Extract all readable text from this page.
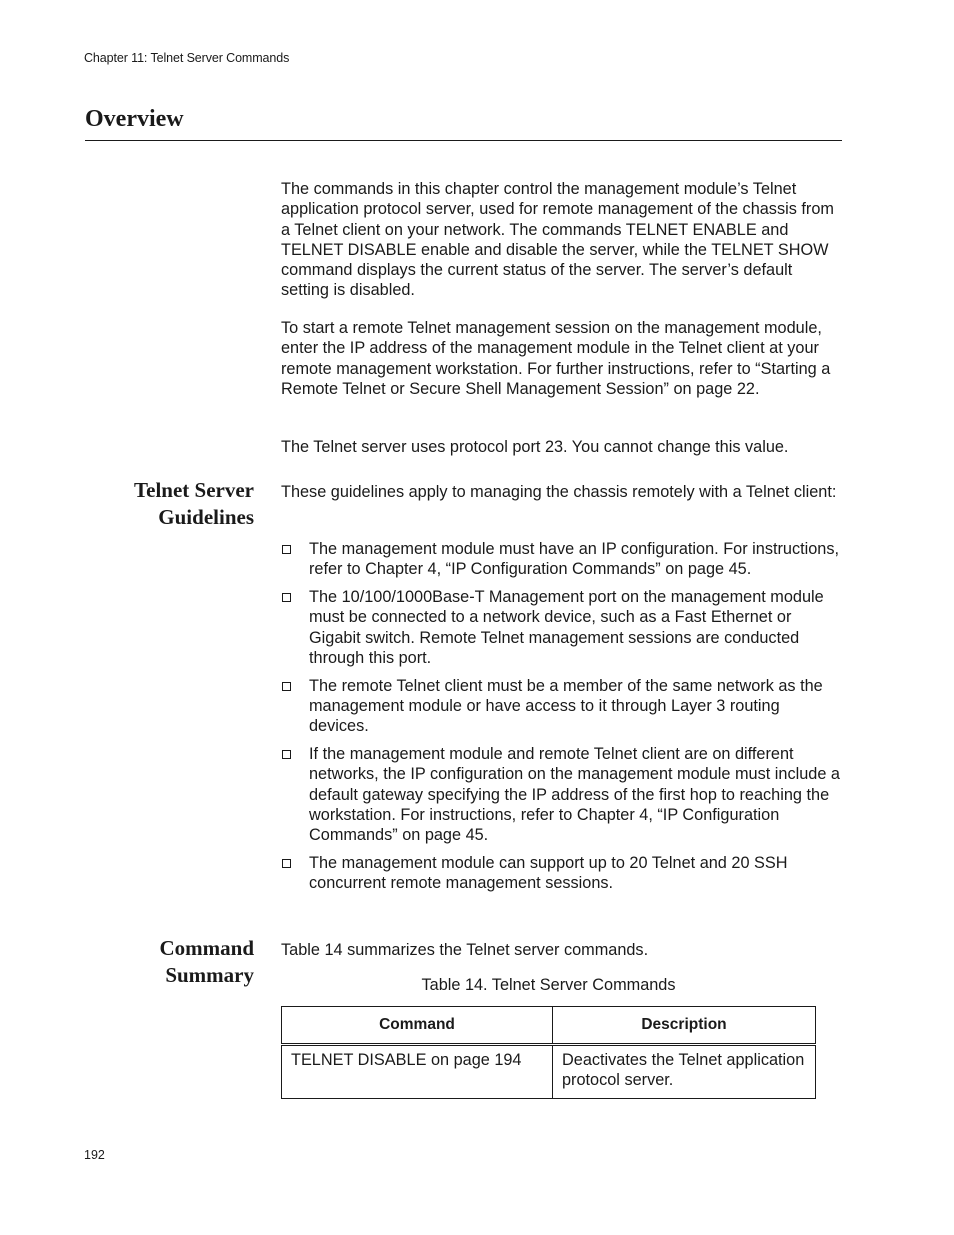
Chapter 11: Telnet Server Commands
Overview

The commands in this chapter control the management module’s Telnet application protocol server, used for remote management of the chassis from a Telnet client on your network. The commands TELNET ENABLE and TELNET DISABLE enable and disable the server, while the TELNET SHOW command displays the current status of the server. The server’s default setting is disabled.

To start a remote Telnet management session on the management module, enter the IP address of the management module in the Telnet client at your remote management workstation. For further instructions, refer to “Starting a Remote Telnet or Secure Shell Management Session” on page 22.

The Telnet server uses protocol port 23. You cannot change this value.

Telnet Server
Guidelines

These guidelines apply to managing the chassis remotely with a Telnet client:

The management module must have an IP configuration. For instructions, refer to Chapter 4, “IP Configuration Commands” on page 45.
The 10/100/1000Base-T Management port on the management module must be connected to a network device, such as a Fast Ethernet or Gigabit switch. Remote Telnet management sessions are conducted through this port.
The remote Telnet client must be a member of the same network as the management module or have access to it through Layer 3 routing devices.
If the management module and remote Telnet client are on different networks, the IP configuration on the management module must include a default gateway specifying the IP address of the first hop to reaching the workstation. For instructions, refer to Chapter 4, “IP Configuration Commands” on page 45.
The management module can support up to 20 Telnet and 20 SSH concurrent remote management sessions.
Command
Summary

Table 14 summarizes the Telnet server commands.

Table 14. Telnet Server Commands
Command	Description
TELNET DISABLE on page 194	Deactivates the Telnet application protocol server.
192
